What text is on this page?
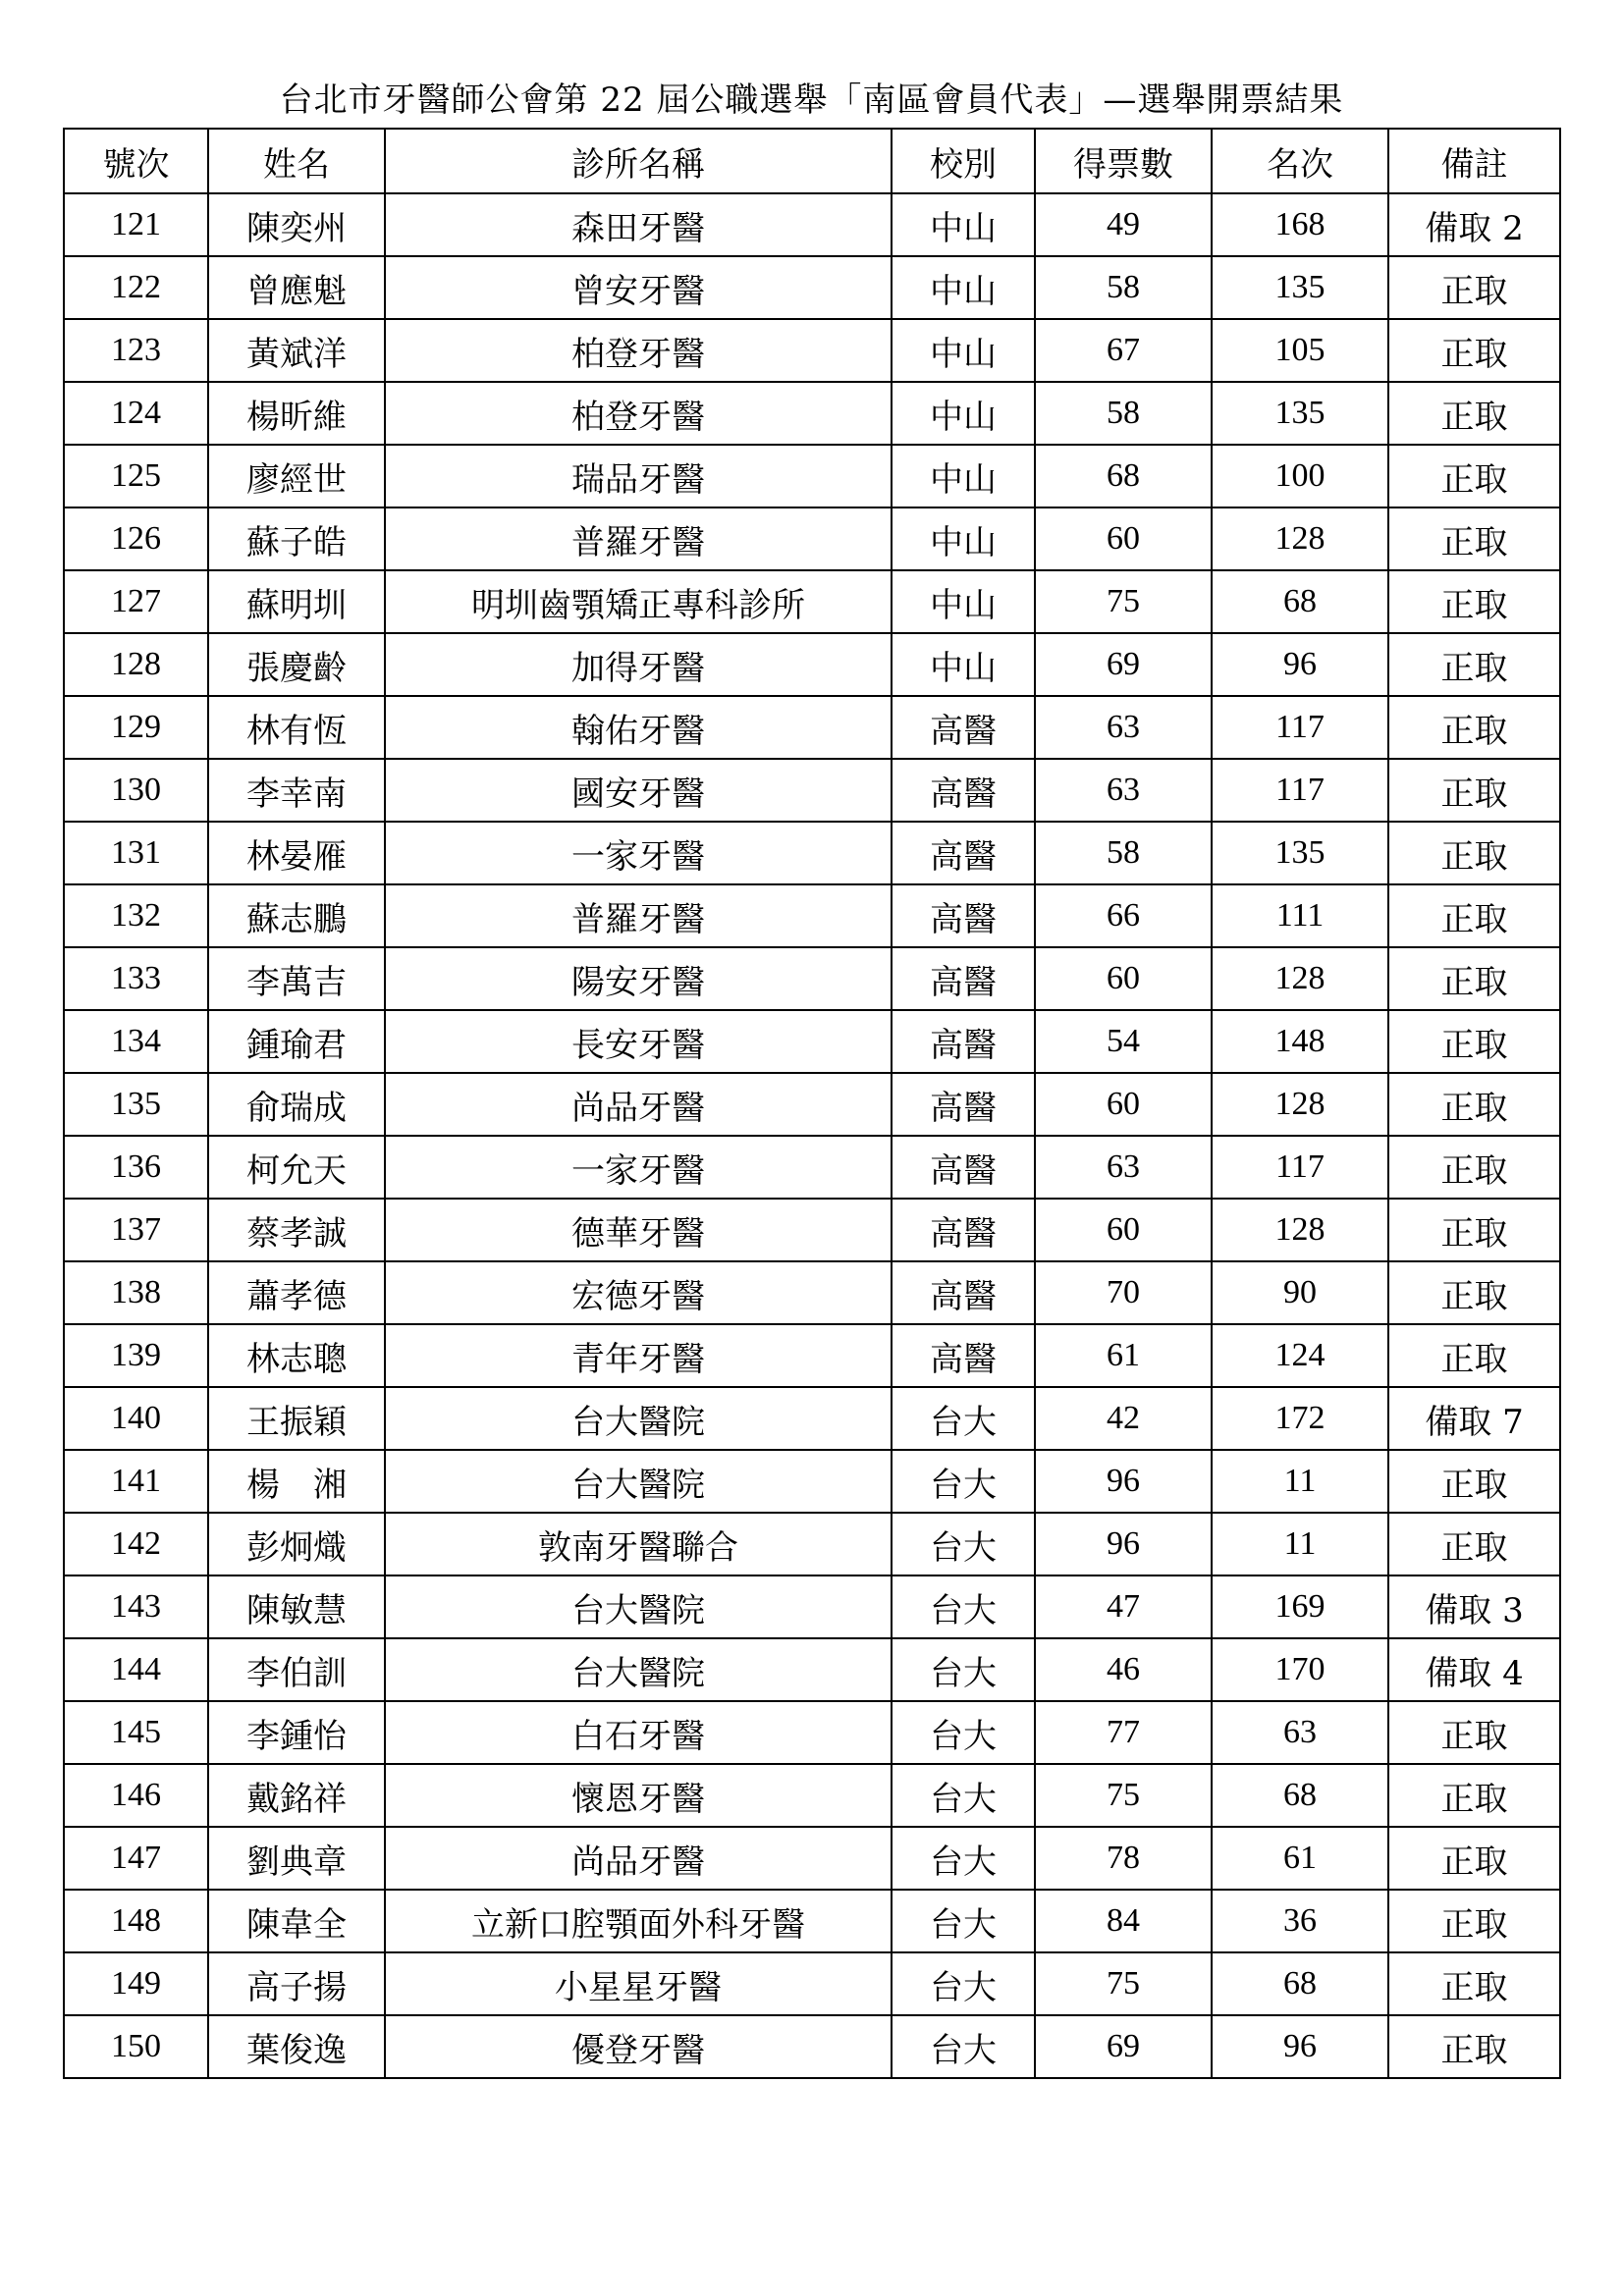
台北市牙醫師公會第 22 屆公職選舉「南區會員代表」—選舉開票結果
號次	姓名	診所名稱	校別	得票數	名次	備註
121	陳奕州	森田牙醫	中山	49	168	備取 2
122	曾應魁	曾安牙醫	中山	58	135	正取
123	黃斌洋	柏登牙醫	中山	67	105	正取
124	楊昕維	柏登牙醫	中山	58	135	正取
125	廖經世	瑞品牙醫	中山	68	100	正取
126	蘇子皓	普羅牙醫	中山	60	128	正取
127	蘇明圳	明圳齒顎矯正專科診所	中山	75	68	正取
128	張慶齡	加得牙醫	中山	69	96	正取
129	林有恆	翰佑牙醫	高醫	63	117	正取
130	李幸南	國安牙醫	高醫	63	117	正取
131	林晏雁	一家牙醫	高醫	58	135	正取
132	蘇志鵬	普羅牙醫	高醫	66	111	正取
133	李萬吉	陽安牙醫	高醫	60	128	正取
134	鍾瑜君	長安牙醫	高醫	54	148	正取
135	俞瑞成	尚品牙醫	高醫	60	128	正取
136	柯允天	一家牙醫	高醫	63	117	正取
137	蔡孝誠	德華牙醫	高醫	60	128	正取
138	蕭孝德	宏德牙醫	高醫	70	90	正取
139	林志聰	青年牙醫	高醫	61	124	正取
140	王振穎	台大醫院	台大	42	172	備取 7
141	楊　湘	台大醫院	台大	96	11	正取
142	彭炯熾	敦南牙醫聯合	台大	96	11	正取
143	陳敏慧	台大醫院	台大	47	169	備取 3
144	李伯訓	台大醫院	台大	46	170	備取 4
145	李鍾怡	白石牙醫	台大	77	63	正取
146	戴銘祥	懷恩牙醫	台大	75	68	正取
147	劉典章	尚品牙醫	台大	78	61	正取
148	陳韋全	立新口腔顎面外科牙醫	台大	84	36	正取
149	高子揚	小星星牙醫	台大	75	68	正取
150	葉俊逸	優登牙醫	台大	69	96	正取
